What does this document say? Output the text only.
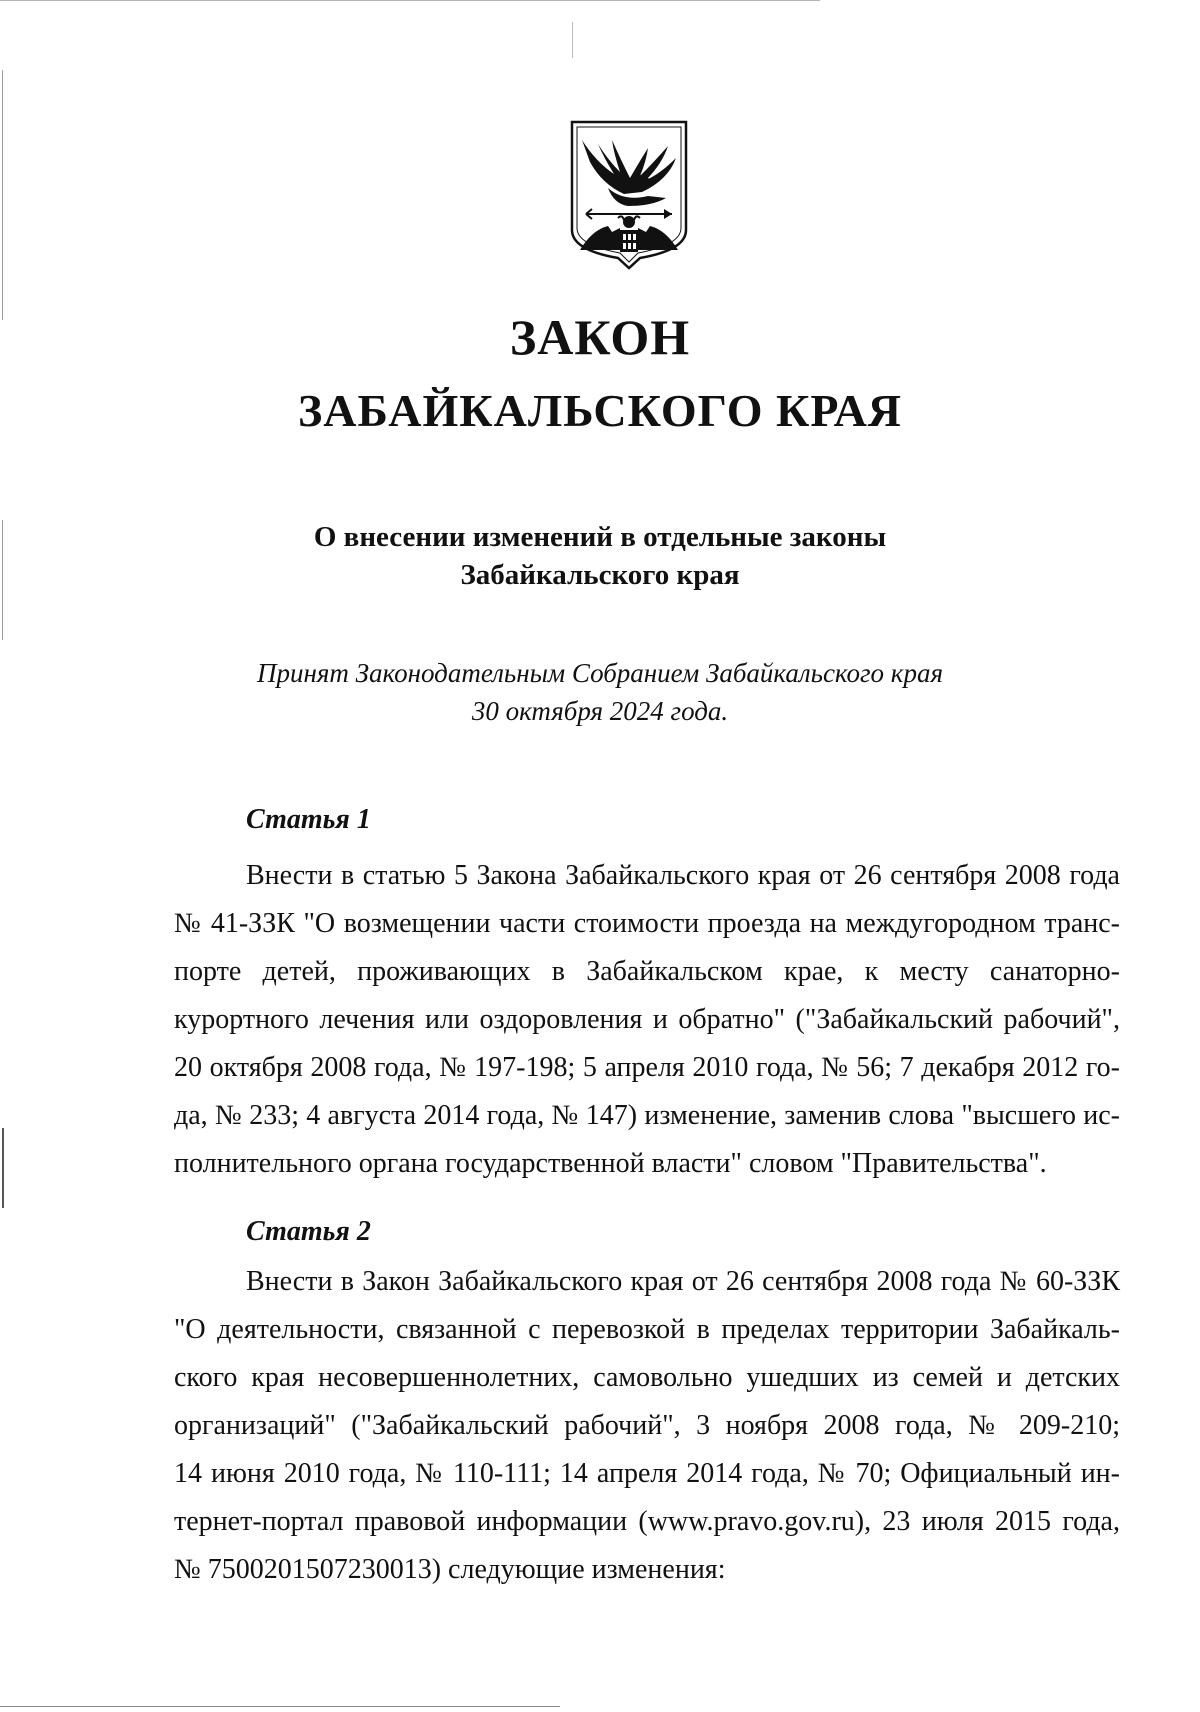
ЗАКОН
ЗАБАЙКАЛЬСКОГО КРАЯ
О внесении изменений в отдельные законы
Забайкальского края
Принят Законодательным Собранием Забайкальского края
30 октября 2024 года.
Статья 1
Внести в статью 5 Закона Забайкальского края от 26 сентября 2008 года
№ 41-ЗЗК "О возмещении части стоимости проезда на междугородном транс-
порте детей, проживающих в Забайкальском крае, к месту санаторно-
курортного лечения или оздоровления и обратно" ("Забайкальский рабочий",
20 октября 2008 года, № 197-198; 5 апреля 2010 года, № 56; 7 декабря 2012 го-
да, № 233; 4 августа 2014 года, № 147) изменение, заменив слова "высшего ис-
полнительного органа государственной власти" словом "Правительства".
Статья 2
Внести в Закон Забайкальского края от 26 сентября 2008 года № 60-ЗЗК
"О деятельности, связанной с перевозкой в пределах территории Забайкаль-
ского края несовершеннолетних, самовольно ушедших из семей и детских
организаций" ("Забайкальский рабочий", 3 ноября 2008 года, № 209-210;
14 июня 2010 года, № 110-111; 14 апреля 2014 года, № 70; Официальный ин-
тернет-портал правовой информации (www.pravo.gov.ru), 23 июля 2015 года,
№ 7500201507230013) следующие изменения:
